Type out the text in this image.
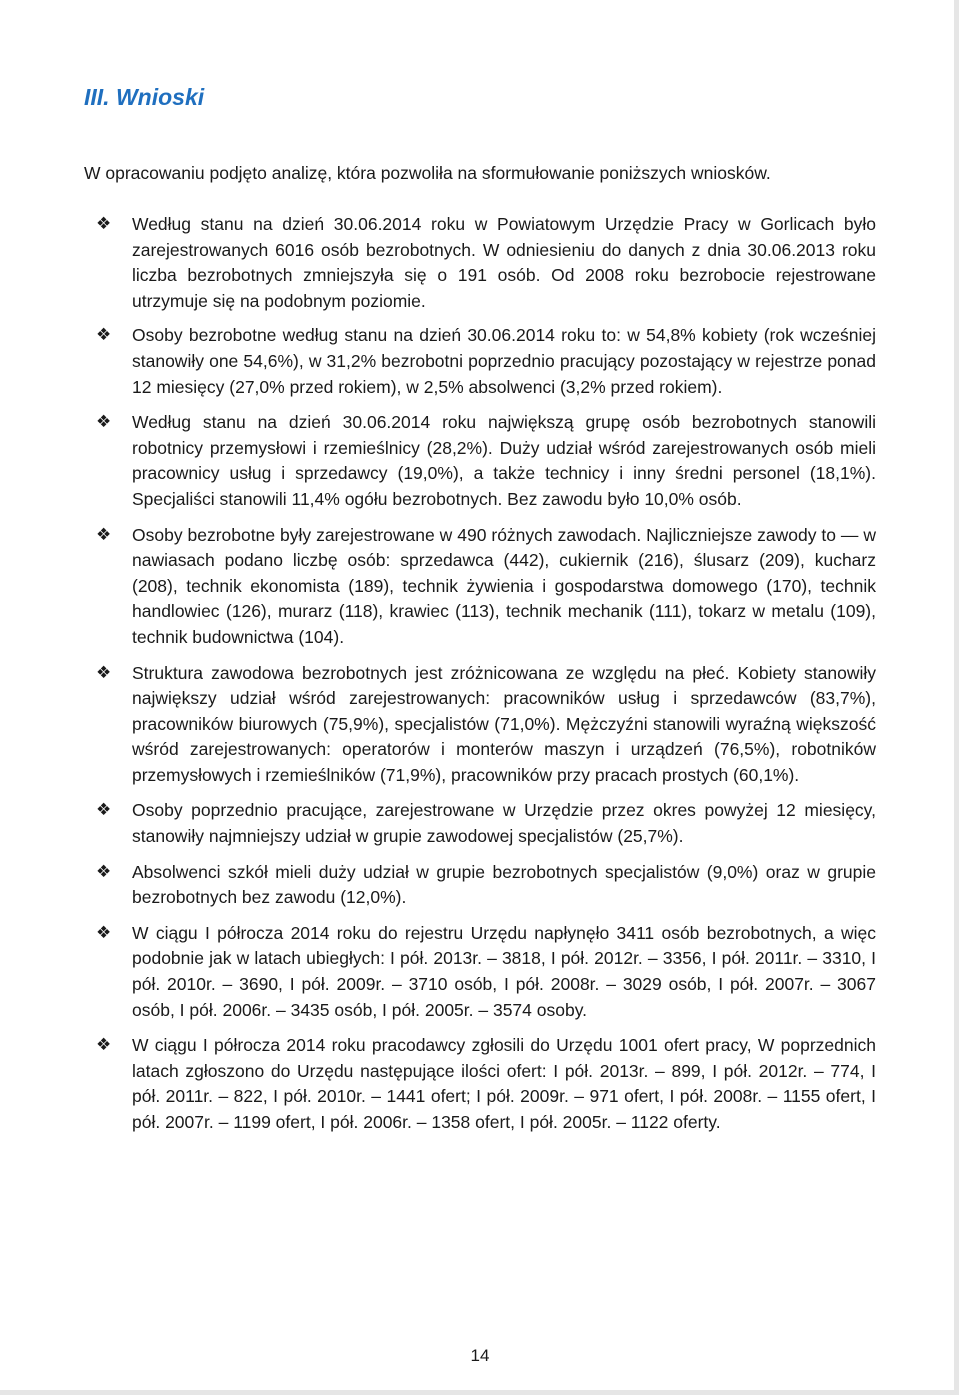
III. Wnioski

W opracowaniu podjęto analizę, która pozwoliła na sformułowanie poniższych wniosków.

❖ Według stanu na dzień 30.06.2014 roku w Powiatowym Urzędzie Pracy w Gorlicach było zarejestrowanych 6016 osób bezrobotnych. W odniesieniu do danych z dnia 30.06.2013 roku liczba bezrobotnych zmniejszyła się o 191 osób. Od 2008 roku bezrobocie rejestrowane utrzymuje się na podobnym poziomie.
❖ Osoby bezrobotne według stanu na dzień 30.06.2014 roku to: w 54,8% kobiety (rok wcześniej stanowiły one 54,6%), w 31,2% bezrobotni poprzednio pracujący pozostający w rejestrze ponad 12 miesięcy (27,0% przed rokiem), w 2,5% absolwenci (3,2% przed rokiem).
❖ Według stanu na dzień 30.06.2014 roku największą grupę osób bezrobotnych stanowili robotnicy przemysłowi i rzemieślnicy (28,2%). Duży udział wśród zarejestrowanych osób mieli pracownicy usług i sprzedawcy (19,0%), a także technicy i inny średni personel (18,1%). Specjaliści stanowili 11,4% ogółu bezrobotnych. Bez zawodu było 10,0% osób.
❖ Osoby bezrobotne były zarejestrowane w 490 różnych zawodach. Najliczniejsze zawody to — w nawiasach podano liczbę osób: sprzedawca (442), cukiernik (216), ślusarz (209), kucharz (208), technik ekonomista (189), technik żywienia i gospodarstwa domowego (170), technik handlowiec (126), murarz (118), krawiec (113), technik mechanik (111), tokarz w metalu (109), technik budownictwa (104).
❖ Struktura zawodowa bezrobotnych jest zróżnicowana ze względu na płeć. Kobiety stanowiły największy udział wśród zarejestrowanych: pracowników usług i sprzedawców (83,7%), pracowników biurowych (75,9%), specjalistów (71,0%). Mężczyźni stanowili wyraźną większość wśród zarejestrowanych: operatorów i monterów maszyn i urządzeń (76,5%), robotników przemysłowych i rzemieślników (71,9%), pracowników przy pracach prostych (60,1%).
❖ Osoby poprzednio pracujące, zarejestrowane w Urzędzie przez okres powyżej 12 miesięcy, stanowiły najmniejszy udział w grupie zawodowej specjalistów (25,7%).
❖ Absolwenci szkół mieli duży udział w grupie bezrobotnych specjalistów (9,0%) oraz w grupie bezrobotnych bez zawodu (12,0%).
❖ W ciągu I półrocza 2014 roku do rejestru Urzędu napłynęło 3411 osób bezrobotnych, a więc podobnie jak w latach ubiegłych: I pół. 2013r. – 3818, I pół. 2012r. – 3356, I pół. 2011r. – 3310, I pół. 2010r. – 3690, I pół. 2009r. – 3710 osób, I pół. 2008r. – 3029 osób, I pół. 2007r. – 3067 osób, I pół. 2006r. – 3435 osób, I pół. 2005r. – 3574 osoby.
❖ W ciągu I półrocza 2014 roku pracodawcy zgłosili do Urzędu 1001 ofert pracy, W poprzednich latach zgłoszono do Urzędu następujące ilości ofert: I pół. 2013r. – 899, I pół. 2012r. – 774, I pół. 2011r. – 822, I pół. 2010r. – 1441 ofert; I pół. 2009r. – 971 ofert, I pół. 2008r. – 1155 ofert, I pół. 2007r. – 1199 ofert, I pół. 2006r. – 1358 ofert, I pół. 2005r. – 1122 oferty.
14
